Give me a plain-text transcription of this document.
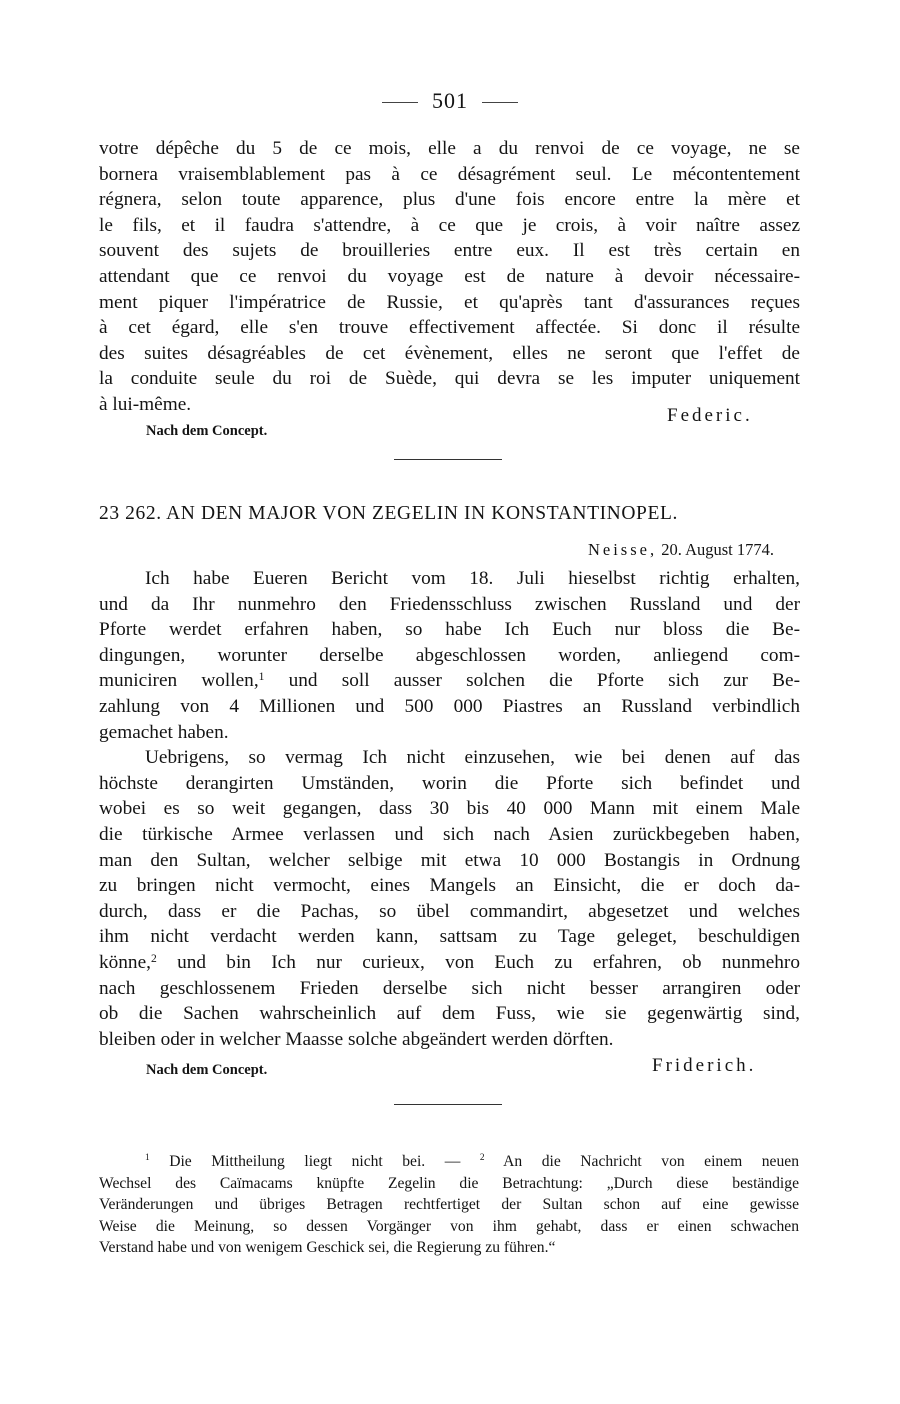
501
votre dépêche du 5 de ce mois, elle a du renvoi de ce voyage, ne se
bornera vraisemblablement pas à ce désagrément seul. Le mécontentement
régnera, selon toute apparence, plus d'une fois encore entre la mère et
le fils, et il faudra s'attendre, à ce que je crois, à voir naître assez
souvent des sujets de brouilleries entre eux. Il est très certain en
attendant que ce renvoi du voyage est de nature à devoir nécessaire-
ment piquer l'impératrice de Russie, et qu'après tant d'assurances reçues
à cet égard, elle s'en trouve effectivement affectée. Si donc il résulte
des suites désagréables de cet évènement, elles ne seront que l'effet de
la conduite seule du roi de Suède, qui devra se les imputer uniquement
à lui-même.
Federic.
Nach dem Concept.
23 262. AN DEN MAJOR VON ZEGELIN IN KONSTANTINOPEL.
Neisse, 20. August 1774.
Ich habe Eueren Bericht vom 18. Juli hieselbst richtig erhalten,
und da Ihr nunmehro den Friedensschluss zwischen Russland und der
Pforte werdet erfahren haben, so habe Ich Euch nur bloss die Be-
dingungen, worunter derselbe abgeschlossen worden, anliegend com-
municiren wollen,$^1$ und soll ausser solchen die Pforte sich zur Be-
zahlung von 4 Millionen und 500 000 Piastres an Russland verbindlich
gemachet haben.
Uebrigens, so vermag Ich nicht einzusehen, wie bei denen auf das
höchste derangirten Umständen, worin die Pforte sich befindet und
wobei es so weit gegangen, dass 30 bis 40 000 Mann mit einem Male
die türkische Armee verlassen und sich nach Asien zurückbegeben haben,
man den Sultan, welcher selbige mit etwa 10 000 Bostangis in Ordnung
zu bringen nicht vermocht, eines Mangels an Einsicht, die er doch da-
durch, dass er die Pachas, so übel commandirt, abgesetzet und welches
ihm nicht verdacht werden kann, sattsam zu Tage geleget, beschuldigen
könne,$^2$ und bin Ich nur curieux, von Euch zu erfahren, ob nunmehro
nach geschlossenem Frieden derselbe sich nicht besser arrangiren oder
ob die Sachen wahrscheinlich auf dem Fuss, wie sie gegenwärtig sind,
bleiben oder in welcher Maasse solche abgeändert werden dörften.
Friderich.
Nach dem Concept.
$^1$ Die Mittheilung liegt nicht bei. — $^2$ An die Nachricht von einem neuen
Wechsel des Caïmacams knüpfte Zegelin die Betrachtung: „Durch diese beständige
Veränderungen und übriges Betragen rechtfertiget der Sultan schon auf eine gewisse
Weise die Meinung, so dessen Vorgänger von ihm gehabt, dass er einen schwachen
Verstand habe und von wenigem Geschick sei, die Regierung zu führen.“
